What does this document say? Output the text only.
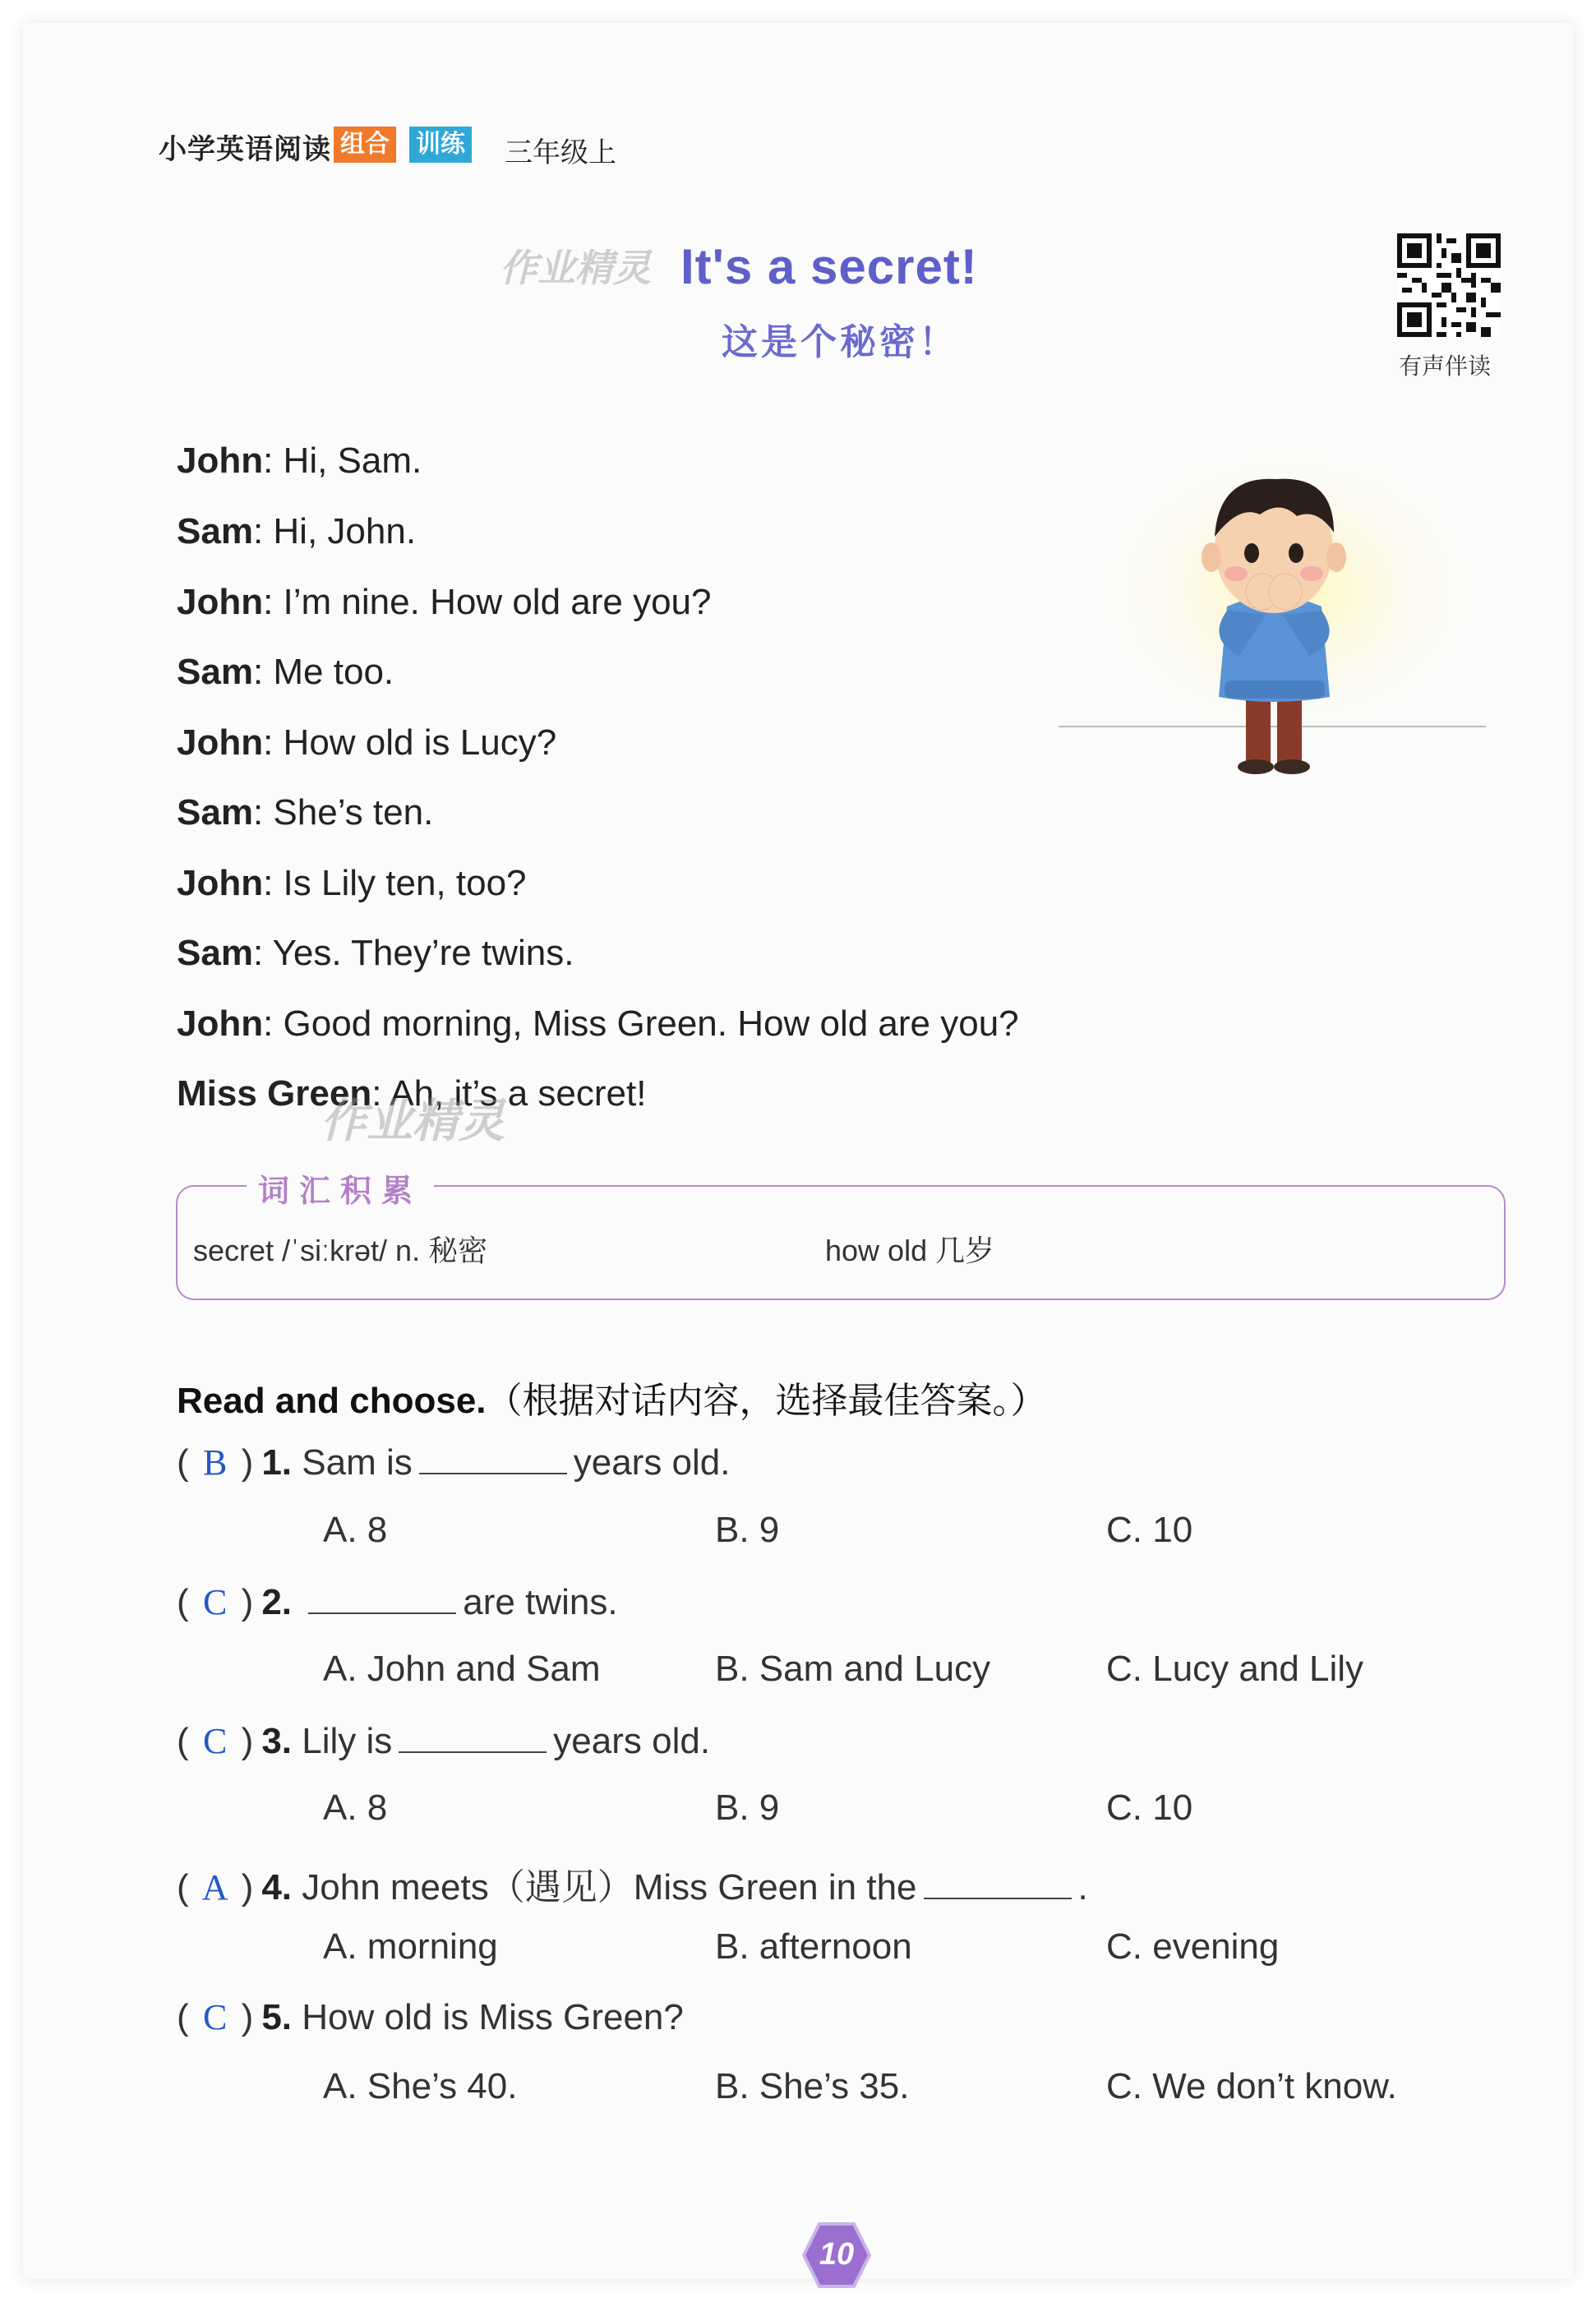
小学英语阅读 组合 训练 三年级上
作业精灵 It's a secret!
这是个秘密！
有声伴读
John: Hi, Sam.
Sam: Hi, John.
John: I’m nine. How old are you?
Sam: Me too.
John: How old is Lucy?
Sam: She’s ten.
John: Is Lily ten, too?
Sam: Yes. They’re twins.
John: Good morning, Miss Green. How old are you?
Miss Green: Ah, it’s a secret!
作业精灵
词汇积累
secret /ˈsiːkrət/ n. 秘密	how old 几岁
Read and choose.（根据对话内容，选择最佳答案。）
( B ) 1. Sam is	years old.
A. 8	B. 9	C. 10
( C ) 2.	are twins.
A. John and Sam	B. Sam and Lucy	C. Lucy and Lily
( C ) 3. Lily is	years old.
A. 8	B. 9	C. 10
( A ) 4. John meets（遇见）Miss Green in the	.
A. morning	B. afternoon	C. evening
( C ) 5. How old is Miss Green?
A. She’s 40.	B. She’s 35.	C. We don’t know.
10
